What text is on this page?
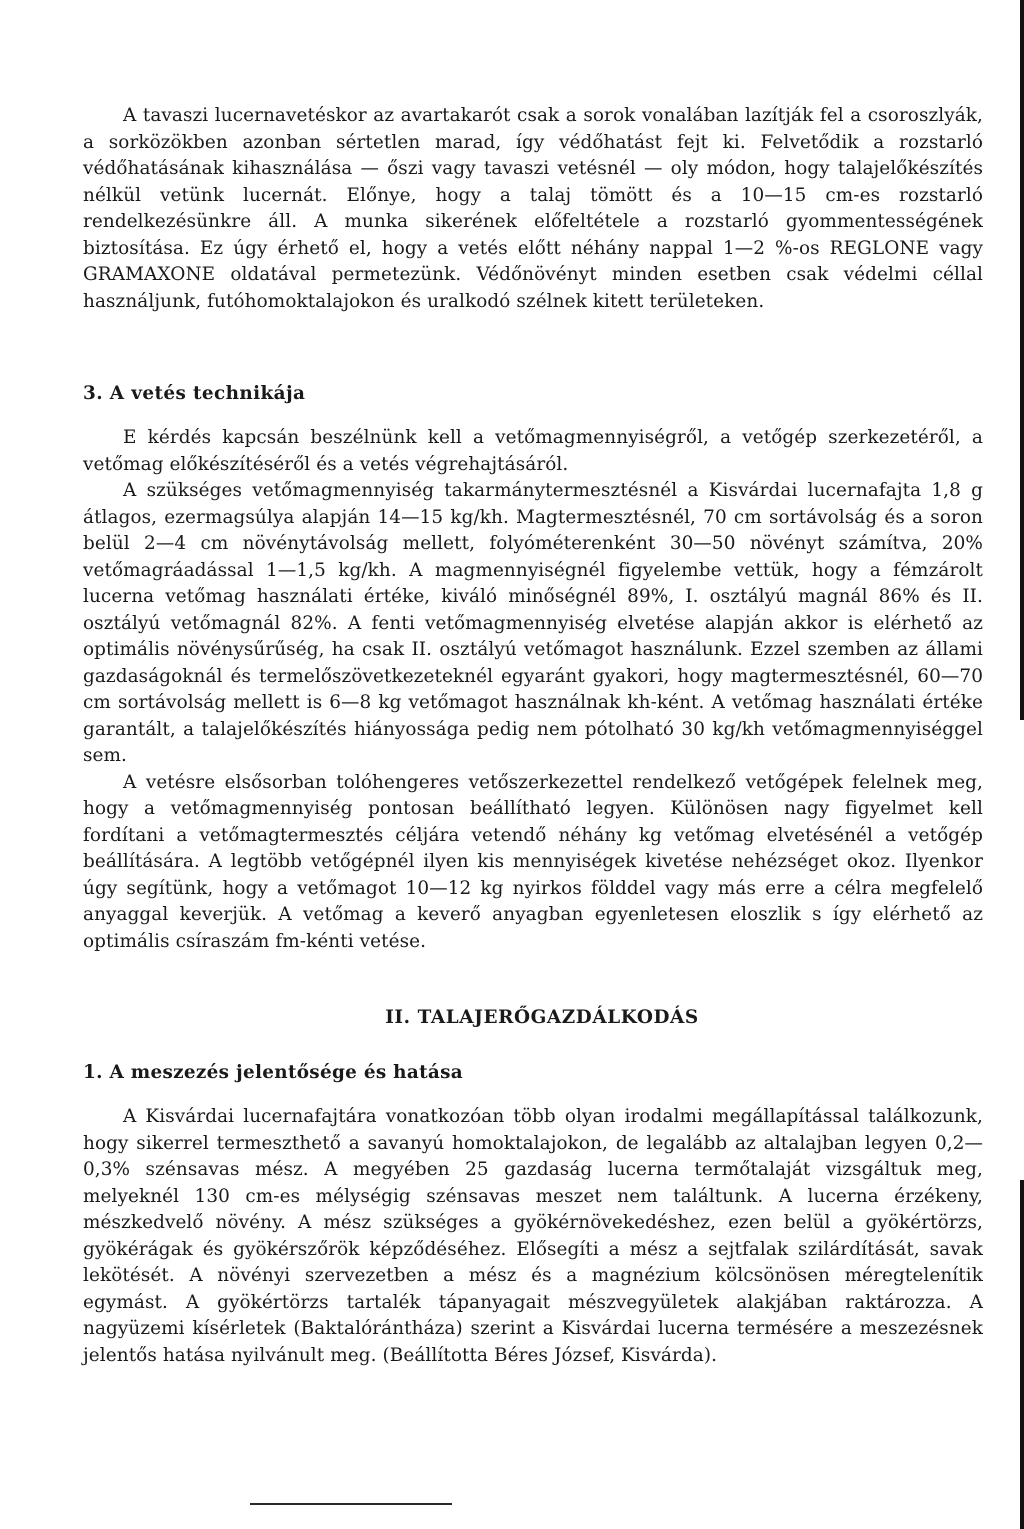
A tavaszi lucernavetéskor az avartakarót csak a sorok vonalában lazítják fel a csoroszlyák, a sorközökben azonban sértetlen marad, így védőhatást fejt ki. Felvetődik a rozstarló védőhatásának kihasználása — őszi vagy tavaszi vetésnél — oly módon, hogy talajelőkészítés nélkül vetünk lucernát. Előnye, hogy a talaj tömött és a 10—15 cm-es rozstarló rendelkezésünkre áll. A munka sikerének előfeltétele a rozstarló gyommentességének biztosítása. Ez úgy érhető el, hogy a vetés előtt néhány nappal 1—2 %-os REGLONE vagy GRAMAXONE oldatával permetezünk. Védőnövényt minden esetben csak védelmi céllal használjunk, futóhomoktalajokon és uralkodó szélnek kitett területeken.
3. A vetés technikája

E kérdés kapcsán beszélnünk kell a vetőmagmennyiségről, a vetőgép szerkezetéről, a vetőmag előkészítéséről és a vetés végrehajtásáról.

A szükséges vetőmagmennyiség takarmánytermesztésnél a Kisvárdai lucernafajta 1,8 g átlagos, ezermagsúlya alapján 14—15 kg/kh. Magtermesztésnél, 70 cm sortávolság és a soron belül 2—4 cm növénytávolság mellett, folyóméterenként 30—50 növényt számítva, 20% vetőmagráadással 1—1,5 kg/kh. A magmennyiségnél figyelembe vettük, hogy a fémzárolt lucerna vetőmag használati értéke, kiváló minőségnél 89%, I. osztályú magnál 86% és II. osztályú vetőmagnál 82%. A fenti vetőmagmennyiség elvetése alapján akkor is elérhető az optimális növénysűrűség, ha csak II. osztályú vetőmagot használunk. Ezzel szemben az állami gazdaságoknál és termelőszövetkezeteknél egyaránt gyakori, hogy magtermesztésnél, 60—70 cm sortávolság mellett is 6—8 kg vetőmagot használnak kh-ként. A vetőmag használati értéke garantált, a talajelőkészítés hiányossága pedig nem pótolható 30 kg/kh vetőmagmennyiséggel sem.

A vetésre elsősorban tolóhengeres vetőszerkezettel rendelkező vetőgépek felelnek meg, hogy a vetőmagmennyiség pontosan beállítható legyen. Különösen nagy figyelmet kell fordítani a vetőmagtermesztés céljára vetendő néhány kg vetőmag elvetésénél a vetőgép beállítására. A legtöbb vetőgépnél ilyen kis mennyiségek kivetése nehézséget okoz. Ilyenkor úgy segítünk, hogy a vetőmagot 10—12 kg nyirkos földdel vagy más erre a célra megfelelő anyaggal keverjük. A vetőmag a keverő anyagban egyenletesen eloszlik s így elérhető az optimális csíraszám fm-kénti vetése.

II. TALAJERŐGAZDÁLKODÁS
1. A meszezés jelentősége és hatása

A Kisvárdai lucernafajtára vonatkozóan több olyan irodalmi megállapítással találkozunk, hogy sikerrel termeszthető a savanyú homoktalajokon, de legalább az altalajban legyen 0,2—0,3% szénsavas mész. A megyében 25 gazdaság lucerna termőtalaját vizsgáltuk meg, melyeknél 130 cm-es mélységig szénsavas meszet nem találtunk. A lucerna érzékeny, mészkedvelő növény. A mész szükséges a gyökérnövekedéshez, ezen belül a gyökértörzs, gyökérágak és gyökérszőrök képződéséhez. Elősegíti a mész a sejtfalak szilárdítását, savak lekötését. A növényi szervezetben a mész és a magnézium kölcsönösen méregtelenítik egymást. A gyökértörzs tartalék tápanyagait mészvegyületek alakjában raktározza. A nagyüzemi kísérletek (Baktalórántháza) szerint a Kisvárdai lucerna termésére a meszezésnek jelentős hatása nyilvánult meg. (Beállította Béres József, Kisvárda).
